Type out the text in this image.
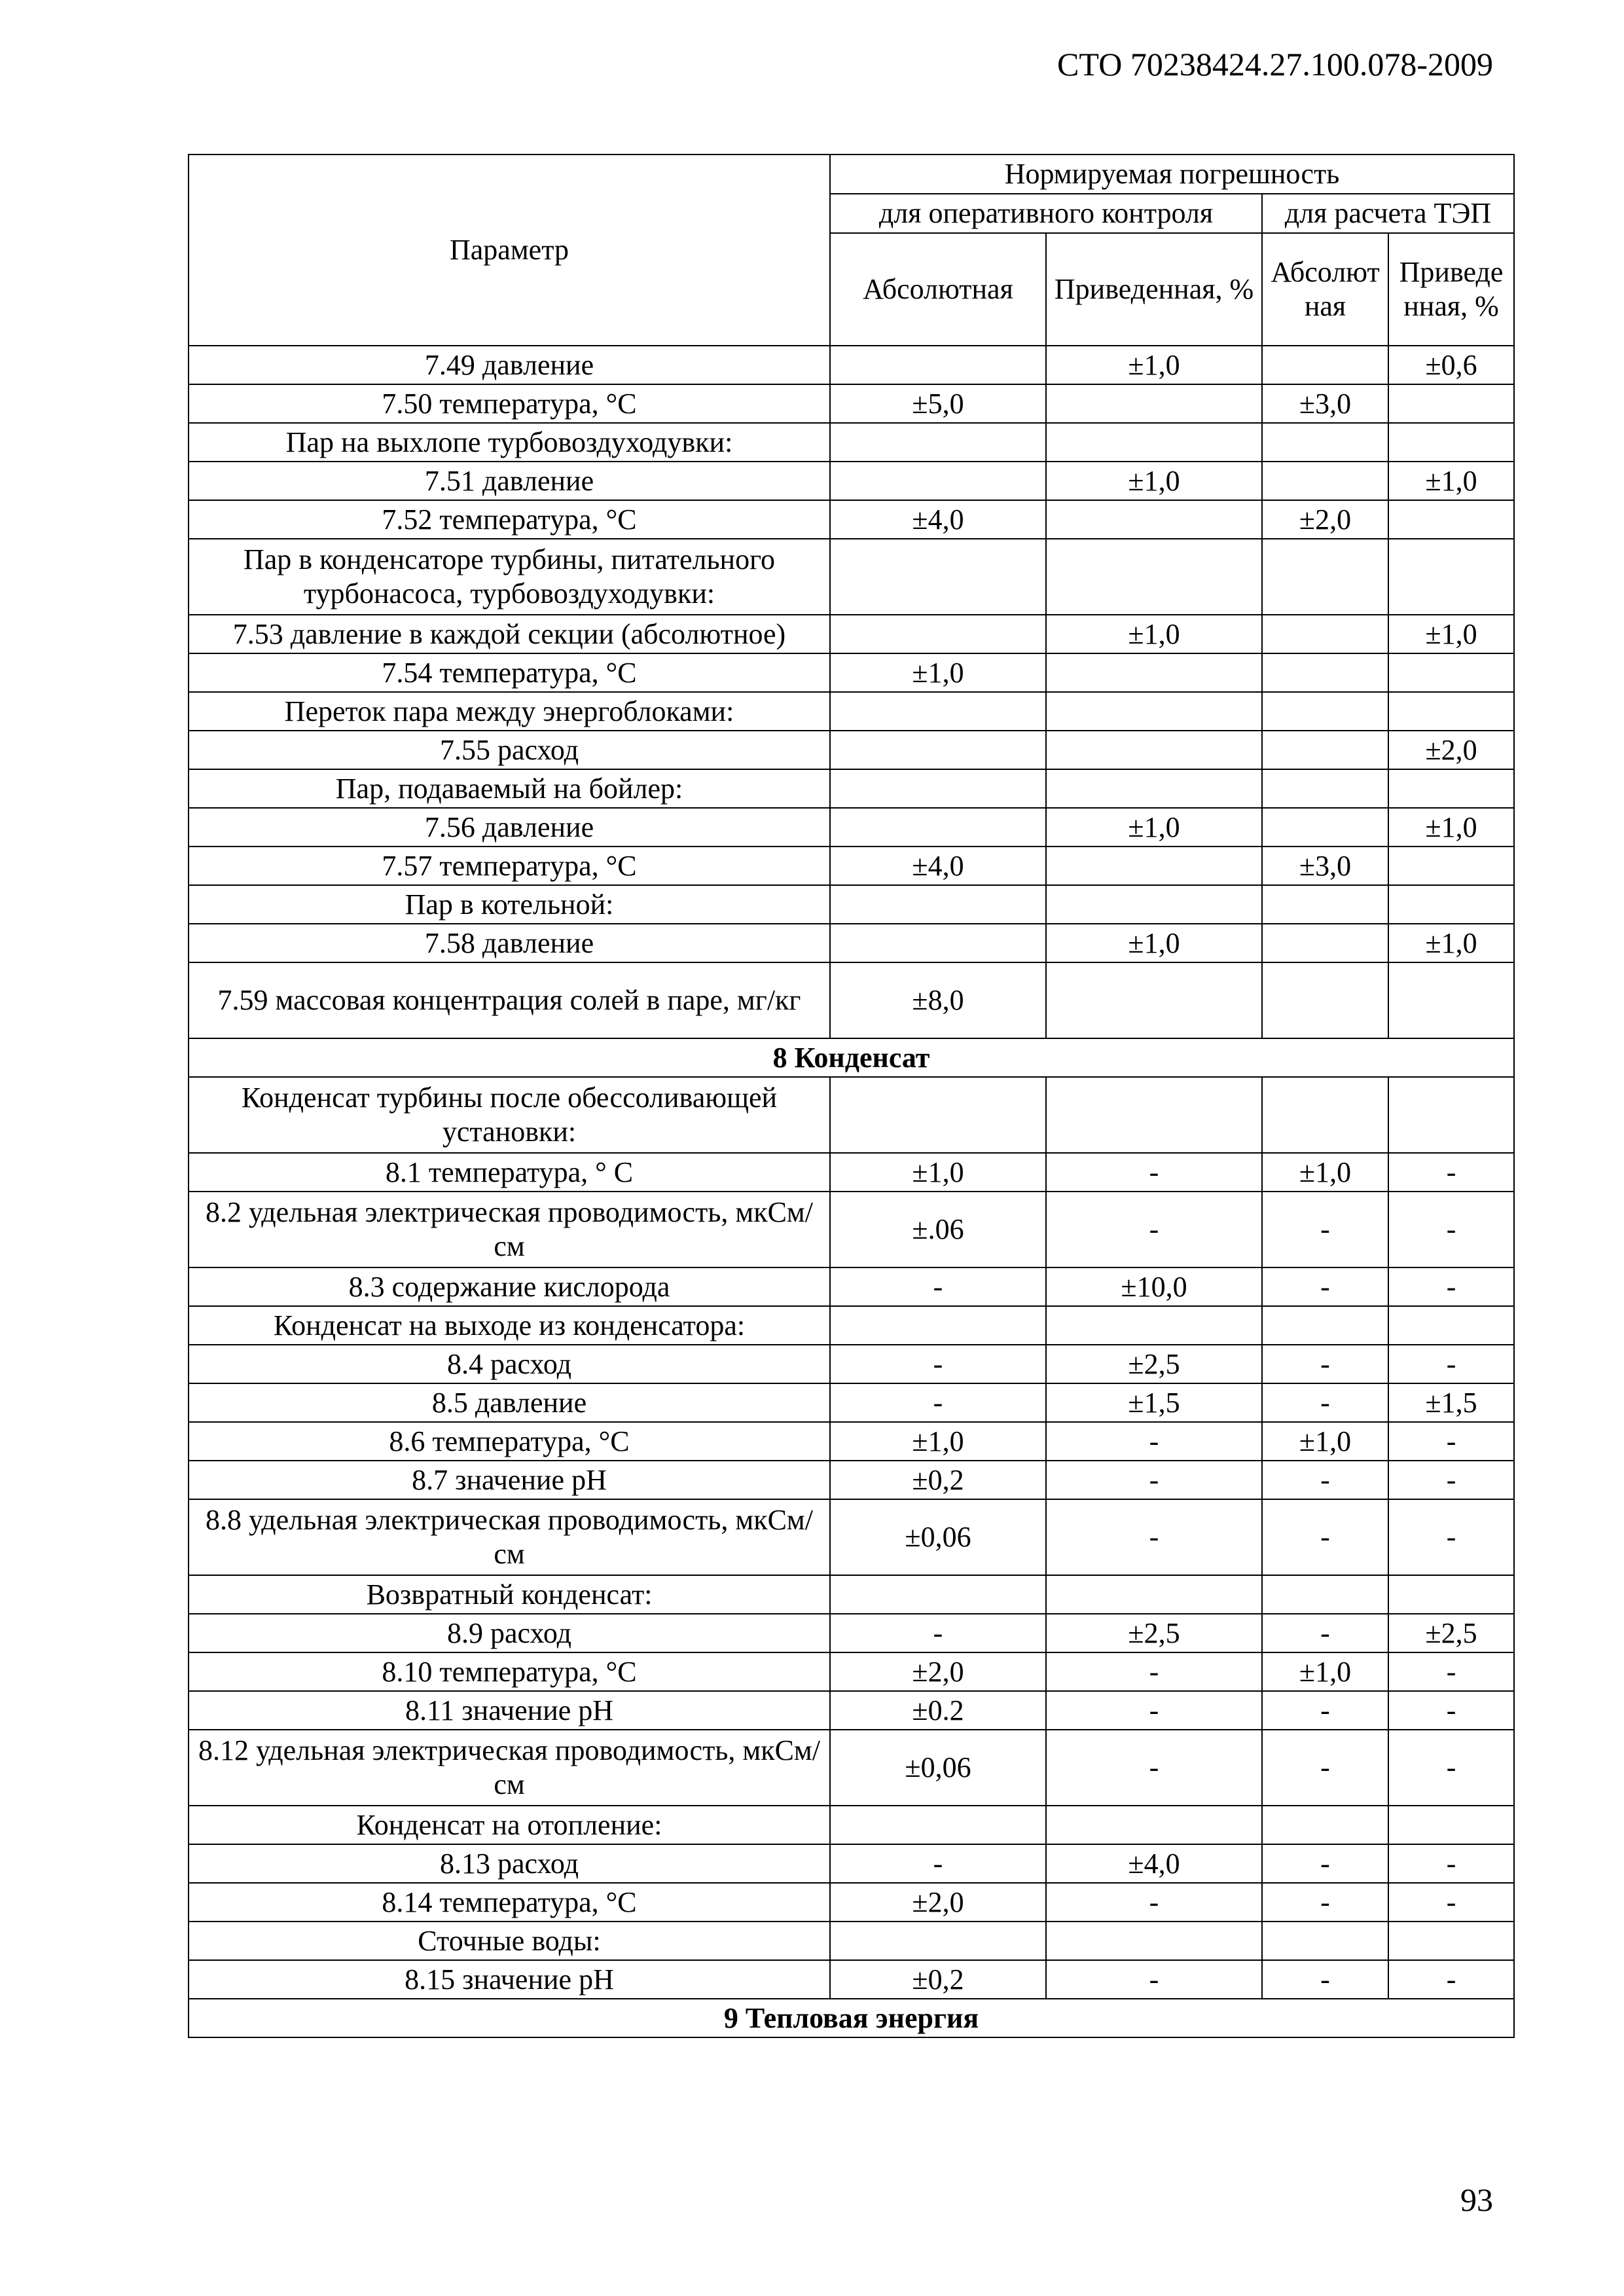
СТО 70238424.27.100.078-2009
Параметр	Нормируемая погрешность			
	для оперативного контроля		для расчета ТЭП	
	Абсолютная	Приведенная, %	Абсолютная	Приведенная, %
7.49 давление		±1,0		±0,6
7.50 температура, °С	±5,0		±3,0	
Пар на выхлопе турбовоздуходувки:				
7.51 давление		±1,0		±1,0
7.52 температура, °С	±4,0		±2,0	
Пар в конденсаторе турбины, питательного турбонасоса, турбовоздуходувки:				
7.53 давление в каждой секции (абсолютное)		±1,0		±1,0
7.54 температура, °С	±1,0			
Переток пара между энергоблоками:				
7.55 расход				±2,0
Пар, подаваемый на бойлер:				
7.56 давление		±1,0		±1,0
7.57 температура, °С	±4,0		±3,0	
Пар в котельной:				
7.58 давление		±1,0		±1,0
7.59 массовая концентрация солей в паре, мг/кг	±8,0			
8 Конденсат				
Конденсат турбины после обессоливающей установки:				
8.1 температура, ° С	±1,0	-	±1,0	-
8.2 удельная электрическая проводимость, мкСм/см	±.06	-	-	-
8.3 содержание кислорода	-	±10,0	-	-
Конденсат на выходе из конденсатора:				
8.4 расход	-	±2,5	-	-
8.5 давление	-	±1,5	-	±1,5
8.6 температура, °С	±1,0	-	±1,0	-
8.7 значение pH	±0,2	-	-	-
8.8 удельная электрическая проводимость, мкСм/см	±0,06	-	-	-
Возвратный конденсат:				
8.9 расход	-	±2,5	-	±2,5
8.10 температура, °С	±2,0	-	±1,0	-
8.11 значение pH	±0.2	-	-	-
8.12 удельная электрическая проводимость, мкСм/см	±0,06	-	-	-
Конденсат на отопление:				
8.13 расход	-	±4,0	-	-
8.14 температура, °С	±2,0	-	-	-
Сточные воды:				
8.15 значение pH	±0,2	-	-	-
9 Тепловая энергия				
93
